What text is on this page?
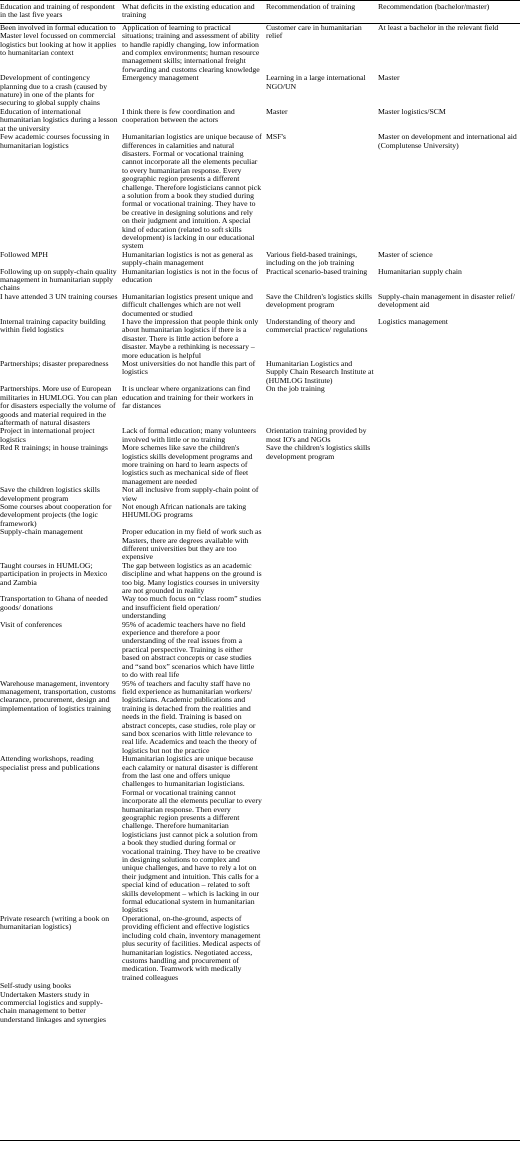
Education and training of respondent in the last five years	What deficits in the existing education and training	Recommendation of training	Recommendation (bachelor/master)
Been involved in formal education to Master level focussed on commercial logistics but looking at how it applies to humanitarian context	Application of learning to practical situations; training and assessment of ability to handle rapidly changing, low information and complex environments; human resource management skills; international freight forwarding and customs clearing knowledge	Customer care in humanitarian relief	At least a bachelor in the relevant field
Development of contingency planning due to a crash (caused by nature) in one of the plants for securing to global supply chains	Emergency management	Learning in a large international NGO/UN	Master
Education of international humanitarian logistics during a lesson at the university	I think there is few coordination and cooperation between the actors	Master	Master logistics/SCM
Few academic courses focussing in humanitarian logistics	Humanitarian logistics are unique because of differences in calamities and natural disasters. Formal or vocational training cannot incorporate all the elements peculiar to every humanitarian response. Every geographic region presents a different challenge. Therefore logisticians cannot pick a solution from a book they studied during formal or vocational training. They have to be creative in designing solutions and rely on their judgment and intuition. A special kind of education (related to soft skills development) is lacking in our educational system	MSF's	Master on development and international aid (Complutense University)
Followed MPH	Humanitarian logistics is not as general as supply-chain management	Various field-based trainings, including on the job training	Master of science
Following up on supply-chain quality management in humanitarian supply chains	Humanitarian logistics is not in the focus of education	Practical scenario-based training	Humanitarian supply chain
I have attended 3 UN training courses	Humanitarian logistics present unique and difficult challenges which are not well documented or studied	Save the Children's logistics skills development program	Supply-chain management in disaster relief/ development aid
Internal training capacity building within field logistics	I have the impression that people think only about humanitarian logistics if there is a disaster. There is little action before a disaster. Maybe a rethinking is necessary – more education is helpful	Understanding of theory and commercial practice/ regulations	Logistics management
Partnerships; disaster preparedness	Most universities do not handle this part of logistics	Humanitarian Logistics and Supply Chain Research Institute at (HUMLOG Institute)	
Partnerships. More use of European militaries in HUMLOG. You can plan for disasters especially the volume of goods and material required in the aftermath of natural disasters	It is unclear where organizations can find education and training for their workers in far distances	On the job training	
Project in international project logistics	Lack of formal education; many volunteers involved with little or no training	Orientation training provided by most IO's and NGOs	
Red R trainings; in house trainings	More schemes like save the children's logistics skills development programs and more training on hard to learn aspects of logistics such as mechanical side of fleet management are needed	Save the children's logistics skills development program	
Save the children logistics skills development program	Not all inclusive from supply-chain point of view		
Some courses about cooperation for development projects (the logic framework)	Not enough African nationals are taking HHUMLOG programs		
Supply-chain management	Proper education in my field of work such as Masters, there are degrees available with different universities but they are too expensive		
Taught courses in HUMLOG; participation in projects in Mexico and Zambia	The gap between logistics as an academic discipline and what happens on the ground is too big. Many logistics courses in university are not grounded in reality		
Transportation to Ghana of needed goods/ donations	Way too much focus on “class room” studies and insufficient field operation/ understanding		
Visit of conferences	95% of academic teachers have no field experience and therefore a poor understanding of the real issues from a practical perspective. Training is either based on abstract concepts or case studies and “sand box” scenarios which have little to do with real life		
Warehouse management, inventory management, transportation, customs clearance, procurement, design and implementation of logistics training	95% of teachers and faculty staff have no field experience as humanitarian workers/ logisticians. Academic publications and training is detached from the realities and needs in the field. Training is based on abstract concepts, case studies, role play or sand box scenarios with little relevance to real life. Academics and teach the theory of logistics but not the practice		
Attending workshops, reading specialist press and publications	Humanitarian logistics are unique because each calamity or natural disaster is different from the last one and offers unique challenges to humanitarian logisticians. Formal or vocational training cannot incorporate all the elements peculiar to every humanitarian response. Then every geographic region presents a different challenge. Therefore humanitarian logisticians just cannot pick a solution from a book they studied during formal or vocational training. They have to be creative in designing solutions to complex and unique challenges, and have to rely a lot on their judgment and intuition. This calls for a special kind of education – related to soft skills development – which is lacking in our formal educational system in humanitarian logistics		
Private research (writing a book on humanitarian logistics)	Operational, on-the-ground, aspects of providing efficient and effective logistics including cold chain, inventory management plus security of facilities. Medical aspects of humanitarian logistics. Negotiated access, customs handling and procurement of medication. Teamwork with medically trained colleagues		
Self-study using books			
Undertaken Masters study in commercial logistics and supply-chain management to better understand linkages and synergies			
